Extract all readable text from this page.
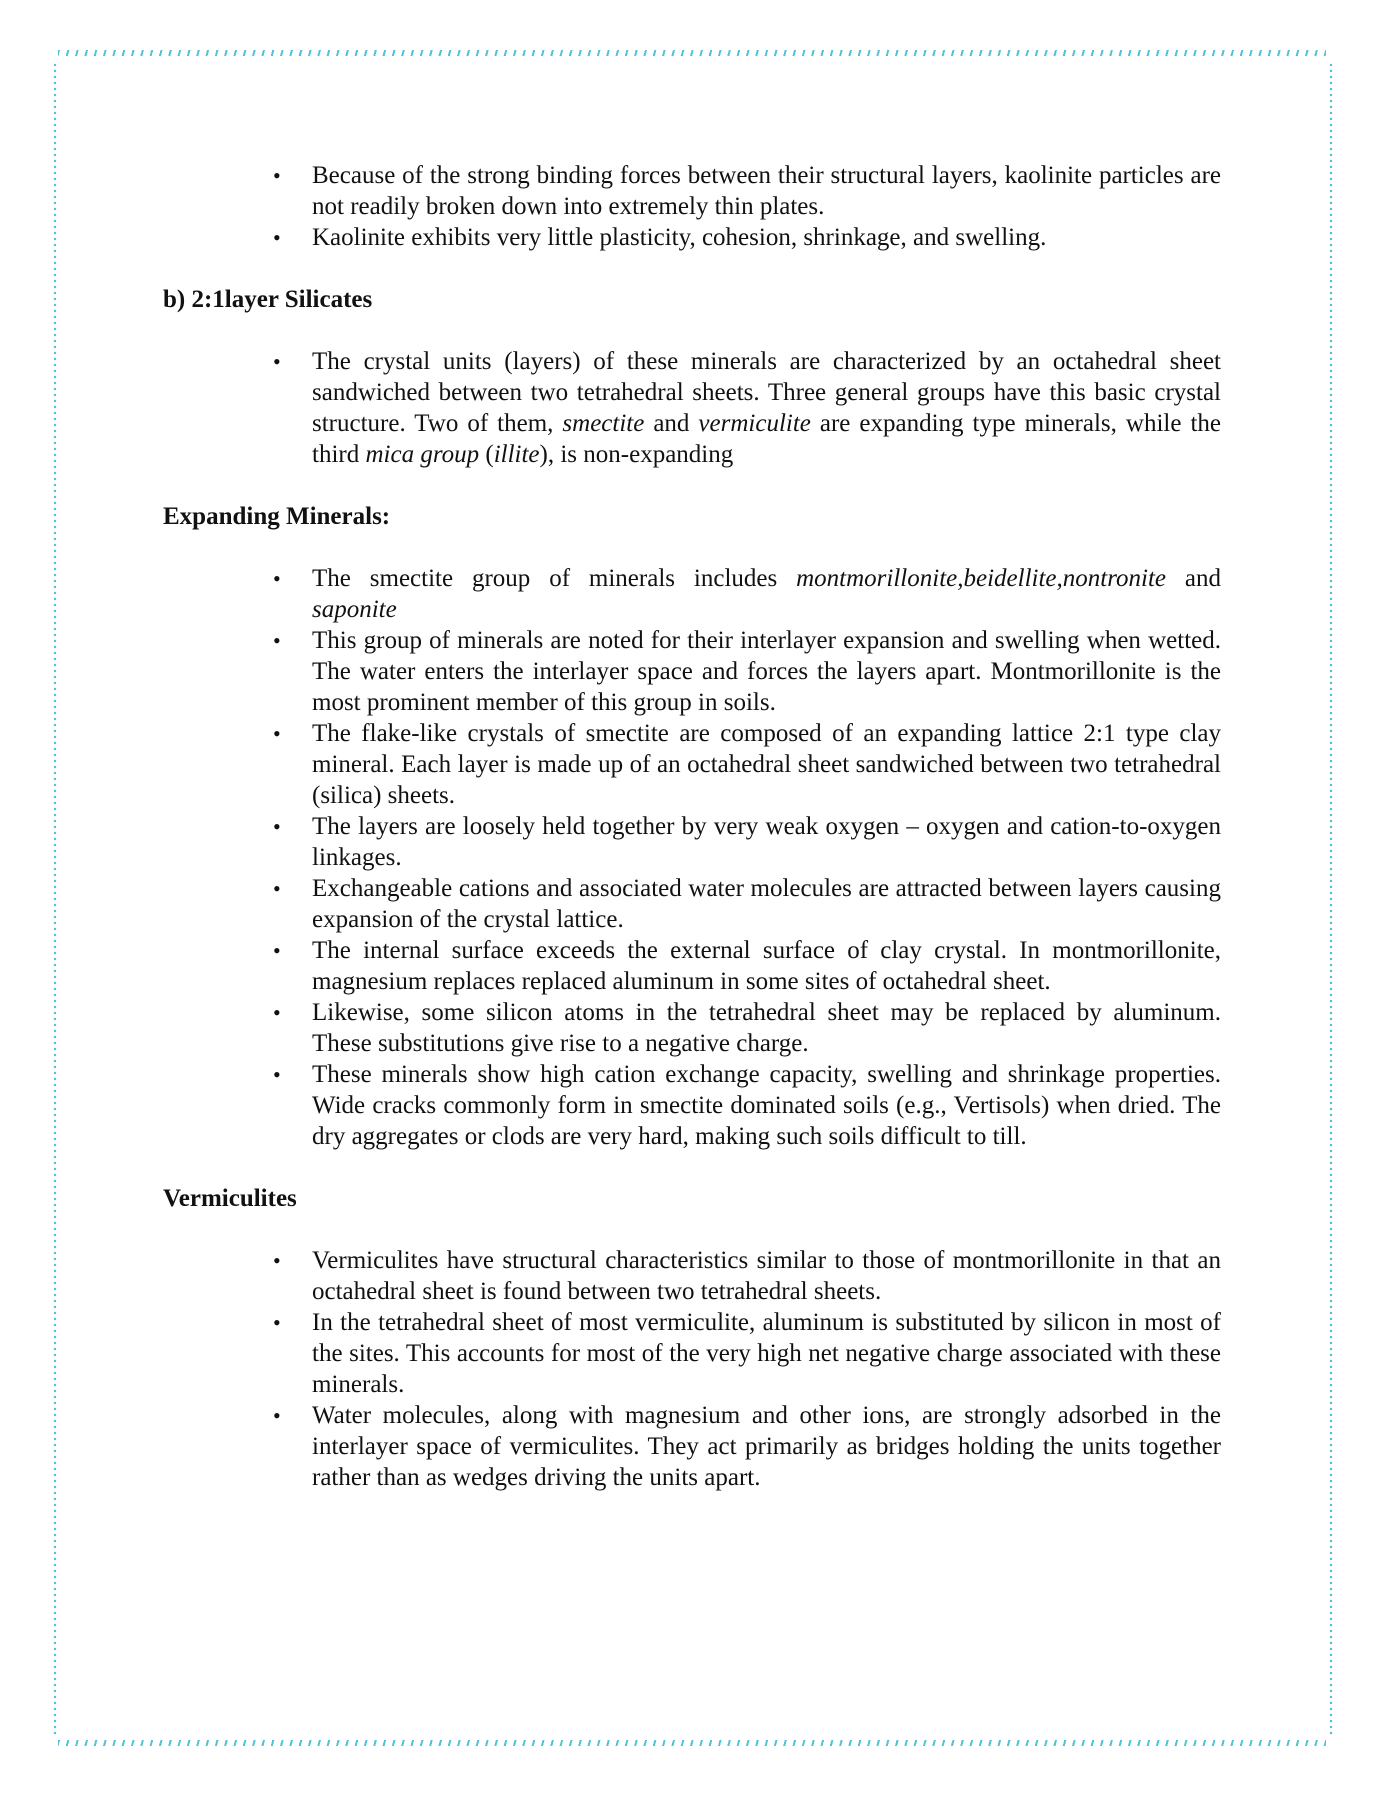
• Because of the strong binding forces between their structural layers, kaolinite particles are not readily broken down into extremely thin plates.
• Kaolinite exhibits very little plasticity, cohesion, shrinkage, and swelling.

b) 2:1layer Silicates

• The crystal units (layers) of these minerals are characterized by an octahedral sheet sandwiched between two tetrahedral sheets. Three general groups have this basic crystal structure. Two of them, smectite and vermiculite are expanding type minerals, while the third mica group (illite), is non-expanding

Expanding Minerals:

• The smectite group of minerals includes montmorillonite,beidellite,nontronite and saponite
• This group of minerals are noted for their interlayer expansion and swelling when wetted. The water enters the interlayer space and forces the layers apart. Montmorillonite is the most prominent member of this group in soils.
• The flake-like crystals of smectite are composed of an expanding lattice 2:1 type clay mineral. Each layer is made up of an octahedral sheet sandwiched between two tetrahedral (silica) sheets.
• The layers are loosely held together by very weak oxygen – oxygen and cation-to-oxygen linkages.
• Exchangeable cations and associated water molecules are attracted between layers causing expansion of the crystal lattice.
• The internal surface exceeds the external surface of clay crystal. In montmorillonite, magnesium replaces replaced aluminum in some sites of octahedral sheet.
• Likewise, some silicon atoms in the tetrahedral sheet may be replaced by aluminum. These substitutions give rise to a negative charge.
• These minerals show high cation exchange capacity, swelling and shrinkage properties. Wide cracks commonly form in smectite dominated soils (e.g., Vertisols) when dried. The dry aggregates or clods are very hard, making such soils difficult to till.

Vermiculites

• Vermiculites have structural characteristics similar to those of montmorillonite in that an octahedral sheet is found between two tetrahedral sheets.
• In the tetrahedral sheet of most vermiculite, aluminum is substituted by silicon in most of the sites. This accounts for most of the very high net negative charge associated with these minerals.
• Water molecules, along with magnesium and other ions, are strongly adsorbed in the interlayer space of vermiculites. They act primarily as bridges holding the units together rather than as wedges driving the units apart.
